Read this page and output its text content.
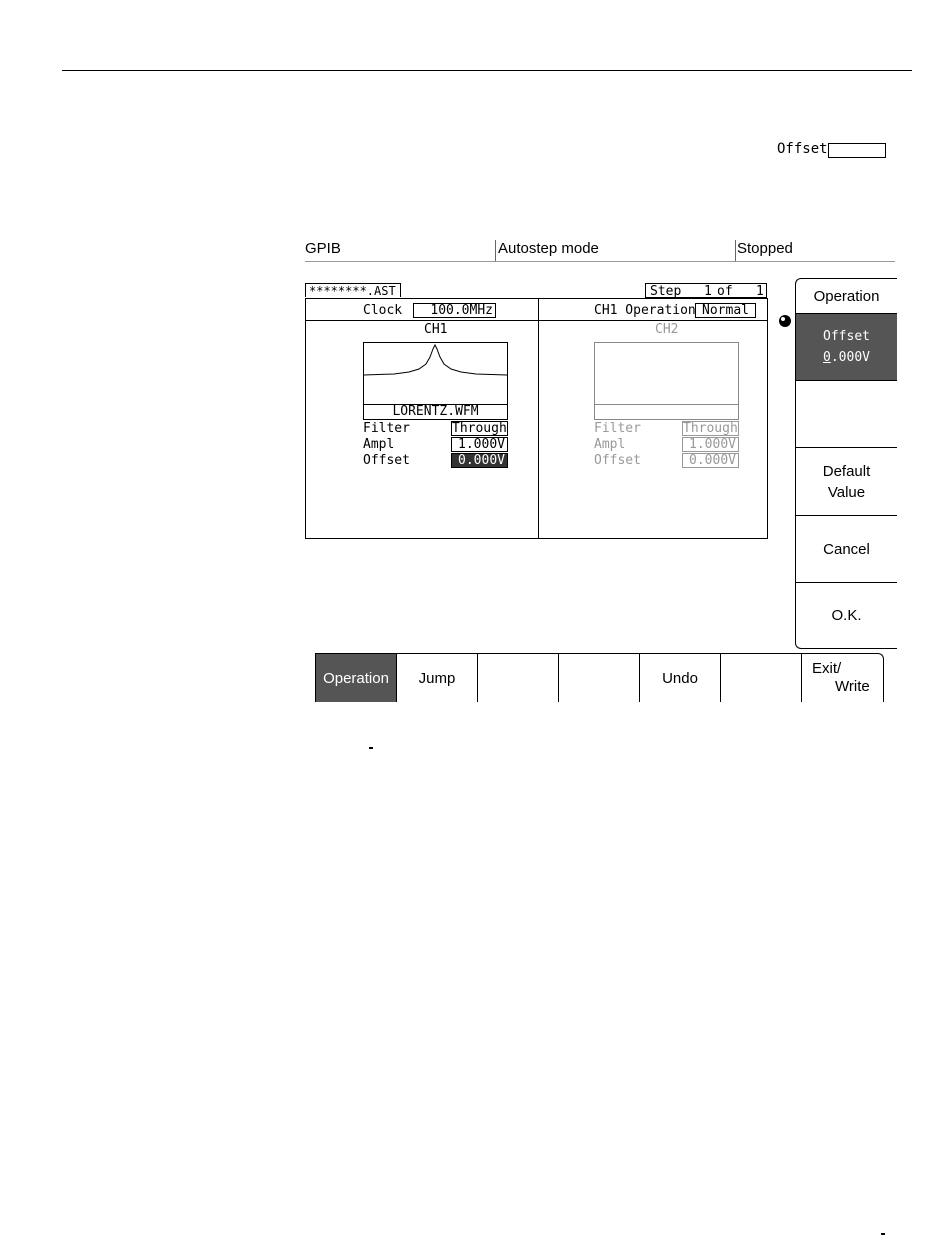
Offset
GPIB	Autostep mode	Stopped
********.AST	Step 1 of 1
Clock	100.0MHz	CH1 Operation Normal
CH1
LORENTZ.WFM
Filter	Through
Ampl	1.000V
Offset	0.000V
CH2
Filter	Through
Ampl	1.000V
Offset	0.000V
Operation
Offset
0.000V
Default
Value
Cancel
O.K.
Operation	Jump	Undo
Exit/
Write
